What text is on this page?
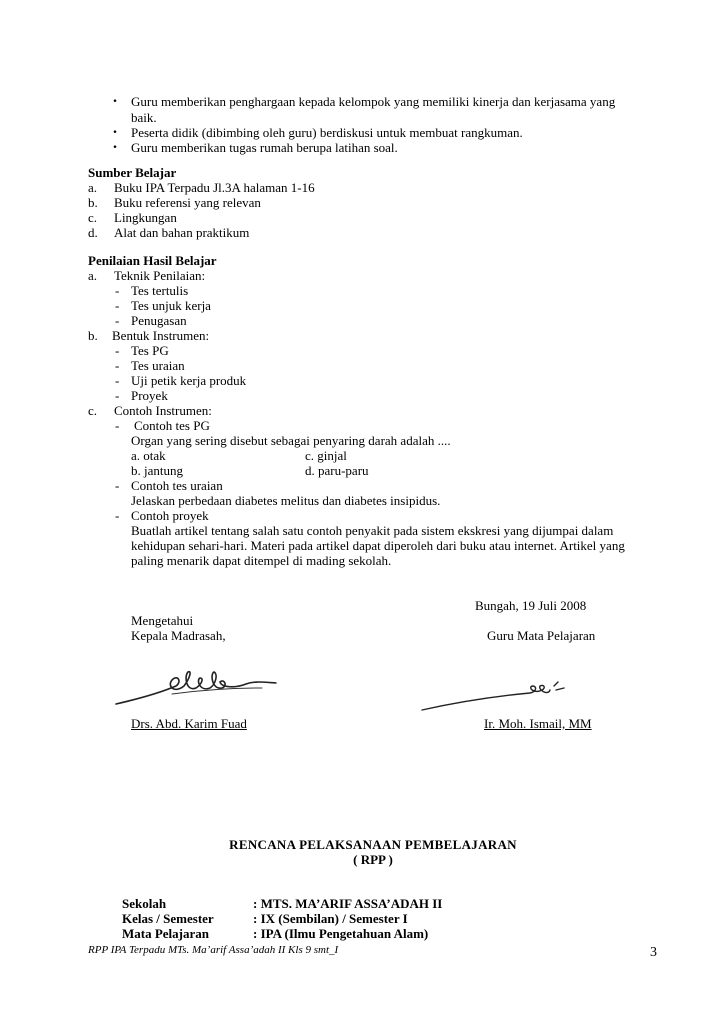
. Guru memberikan penghargaan kepada kelompok yang memiliki kinerja dan kerjasama yang
baik.
. Peserta didik (dibimbing oleh guru) berdiskusi untuk membuat rangkuman.
. Guru memberikan tugas rumah berupa latihan soal.
Sumber Belajar
a. Buku IPA Terpadu Jl.3A halaman 1-16
b. Buku referensi yang relevan
c. Lingkungan
d. Alat dan bahan praktikum
Penilaian Hasil Belajar
a. Teknik Penilaian:
- Tes tertulis
- Tes unjuk kerja
- Penugasan
b. Bentuk Instrumen:
- Tes PG
- Tes uraian
- Uji petik kerja produk
- Proyek
c. Contoh Instrumen:
- Contoh tes PG
Organ yang sering disebut sebagai penyaring darah adalah ....
a. otak	c. ginjal
b. jantung	d. paru-paru
- Contoh tes uraian
Jelaskan perbedaan diabetes melitus dan diabetes insipidus.
- Contoh proyek
Buatlah artikel tentang salah satu contoh penyakit pada sistem ekskresi yang dijumpai dalam
kehidupan sehari-hari. Materi pada artikel dapat diperoleh dari buku atau internet. Artikel yang
paling menarik dapat ditempel di mading sekolah.
Bungah, 19 Juli 2008
Mengetahui
Kepala Madrasah,	Guru Mata Pelajaran
Drs. Abd. Karim Fuad	Ir. Moh. Ismail, MM
RENCANA PELAKSANAAN PEMBELAJARAN
( RPP )
Sekolah	: MTS. MA’ARIF ASSA’ADAH II
Kelas / Semester	: IX (Sembilan) / Semester I
Mata Pelajaran	: IPA (Ilmu Pengetahuan Alam)
RPP IPA Terpadu MTs. Ma’arif Assa’adah II Kls 9 smt_I	3
